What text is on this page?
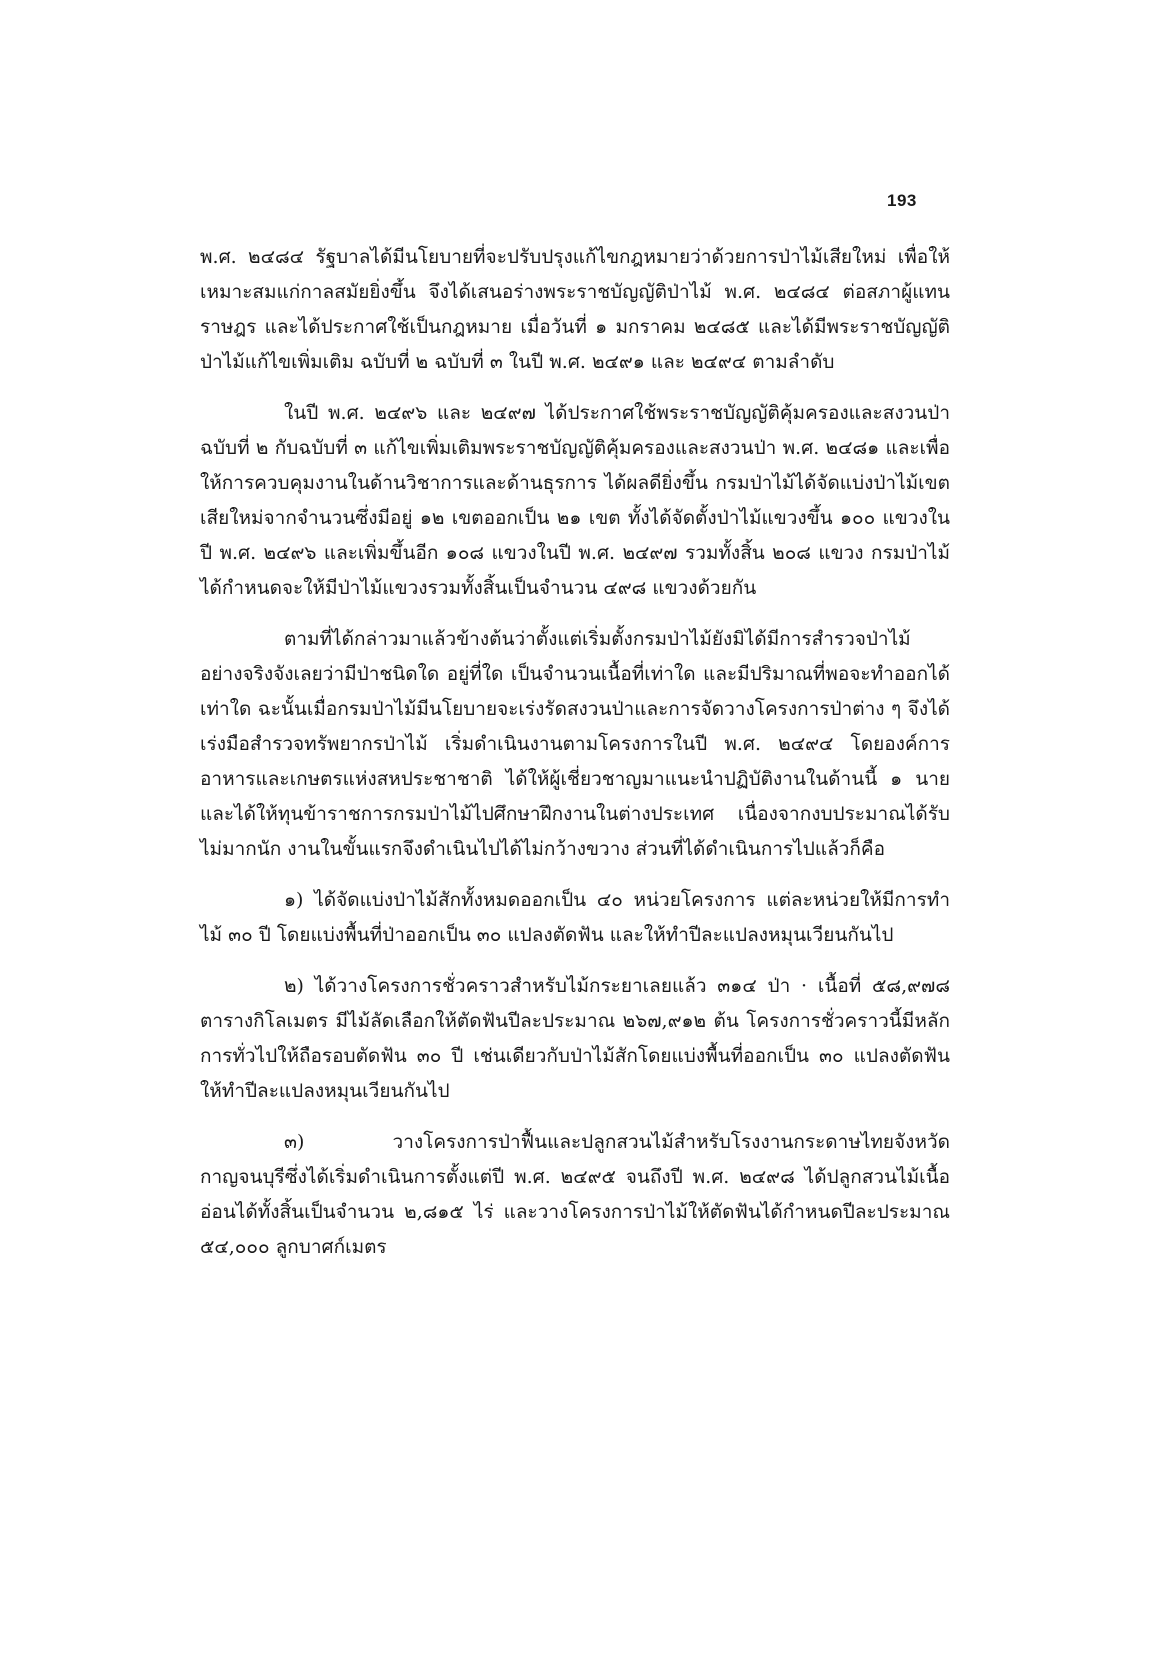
193

พ.ศ. ๒๔๘๔ รัฐบาลได้มีนโยบายที่จะปรับปรุงแก้ไขกฎหมายว่าด้วยการป่าไม้เสียใหม่ เพื่อให้เหมาะสมแก่กาลสมัยยิ่งขึ้น จึงได้เสนอร่างพระราชบัญญัติป่าไม้ พ.ศ. ๒๔๘๔ ต่อสภาผู้แทนราษฎร และได้ประกาศใช้เป็นกฎหมาย เมื่อวันที่ ๑ มกราคม ๒๔๘๕ และได้มีพระราชบัญญัติป่าไม้แก้ไขเพิ่มเติม ฉบับที่ ๒ ฉบับที่ ๓ ในปี พ.ศ. ๒๔๙๑ และ ๒๔๙๔ ตามลำดับ

ในปี พ.ศ. ๒๔๙๖ และ ๒๔๙๗ ได้ประกาศใช้พระราชบัญญัติคุ้มครองและสงวนป่า ฉบับที่ ๒ กับฉบับที่ ๓ แก้ไขเพิ่มเติมพระราชบัญญัติคุ้มครองและสงวนป่า พ.ศ. ๒๔๘๑ และเพื่อให้การควบคุมงานในด้านวิชาการและด้านธุรการ ได้ผลดียิ่งขึ้น กรมป่าไม้ได้จัดแบ่งป่าไม้เขตเสียใหม่จากจำนวนซึ่งมีอยู่ ๑๒ เขตออกเป็น ๒๑ เขต ทั้งได้จัดตั้งป่าไม้แขวงขึ้น ๑๐๐ แขวงในปี พ.ศ. ๒๔๙๖ และเพิ่มขึ้นอีก ๑๐๘ แขวงในปี พ.ศ. ๒๔๙๗ รวมทั้งสิ้น ๒๐๘ แขวง กรมป่าไม้ได้กำหนดจะให้มีป่าไม้แขวงรวมทั้งสิ้นเป็นจำนวน ๔๙๘ แขวงด้วยกัน

ตามที่ได้กล่าวมาแล้วข้างต้นว่าตั้งแต่เริ่มตั้งกรมป่าไม้ยังมิได้มีการสำรวจป่าไม้อย่างจริงจังเลยว่ามีป่าชนิดใด อยู่ที่ใด เป็นจำนวนเนื้อที่เท่าใด และมีปริมาณที่พอจะทำออกได้เท่าใด ฉะนั้นเมื่อกรมป่าไม้มีนโยบายจะเร่งรัดสงวนป่าและการจัดวางโครงการป่าต่าง ๆ จึงได้เร่งมือสำรวจทรัพยากรป่าไม้ เริ่มดำเนินงานตามโครงการในปี พ.ศ. ๒๔๙๔ โดยองค์การอาหารและเกษตรแห่งสหประชาชาติ ได้ให้ผู้เชี่ยวชาญมาแนะนำปฏิบัติงานในด้านนี้ ๑ นาย และได้ให้ทุนข้าราชการกรมป่าไม้ไปศึกษาฝึกงานในต่างประเทศ เนื่องจากงบประมาณได้รับไม่มากนัก งานในขั้นแรกจึงดำเนินไปได้ไม่กว้างขวาง ส่วนที่ได้ดำเนินการไปแล้วก็คือ

๑) ได้จัดแบ่งป่าไม้สักทั้งหมดออกเป็น ๔๐ หน่วยโครงการ แต่ละหน่วยให้มีการทำไม้ ๓๐ ปี โดยแบ่งพื้นที่ป่าออกเป็น ๓๐ แปลงตัดฟัน และให้ทำปีละแปลงหมุนเวียนกันไป

๒) ได้วางโครงการชั่วคราวสำหรับไม้กระยาเลยแล้ว ๓๑๔ ป่า · เนื้อที่ ๕๘,๙๗๘ ตารางกิโลเมตร มีไม้ลัดเลือกให้ตัดฟันปีละประมาณ ๒๖๗,๙๑๒ ต้น โครงการชั่วคราวนี้มีหลักการทั่วไปให้ถือรอบตัดฟัน ๓๐ ปี เช่นเดียวกับป่าไม้สักโดยแบ่งพื้นที่ออกเป็น ๓๐ แปลงตัดฟันให้ทำปีละแปลงหมุนเวียนกันไป

๓) วางโครงการป่าฟื้นและปลูกสวนไม้สำหรับโรงงานกระดาษไทยจังหวัดกาญจนบุรีซึ่งได้เริ่มดำเนินการตั้งแต่ปี พ.ศ. ๒๔๙๕ จนถึงปี พ.ศ. ๒๔๙๘ ได้ปลูกสวนไม้เนื้ออ่อนได้ทั้งสิ้นเป็นจำนวน ๒,๘๑๕ ไร่ และวางโครงการป่าไม้ให้ตัดฟันได้กำหนดปีละประมาณ ๕๔,๐๐๐ ลูกบาศก์เมตร
